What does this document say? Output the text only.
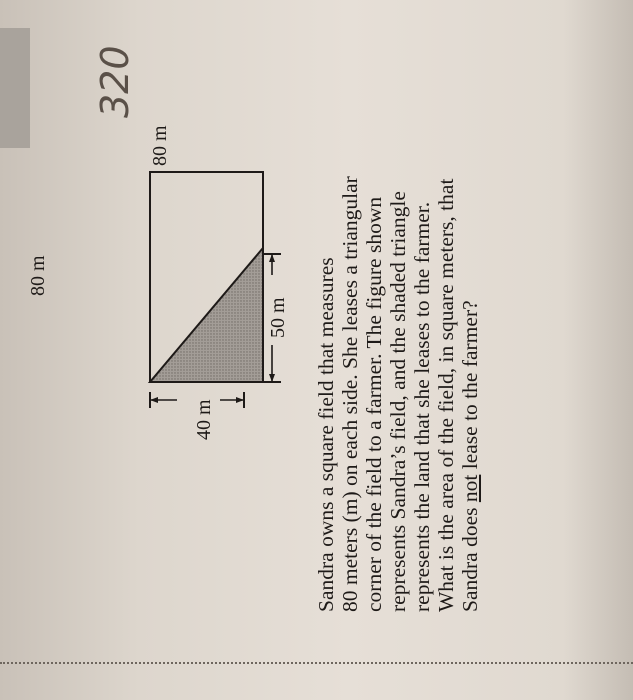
80 m
80 m
40 m
50 m
320
Sandra owns a square field that measures 80 meters (m) on each side. She leases a triangular corner of the field to a farmer. The figure shown represents Sandra’s field, and the shaded triangle represents the land that she leases to the farmer. What is the area of the field, in square meters, that Sandra does not lease to the farmer?
